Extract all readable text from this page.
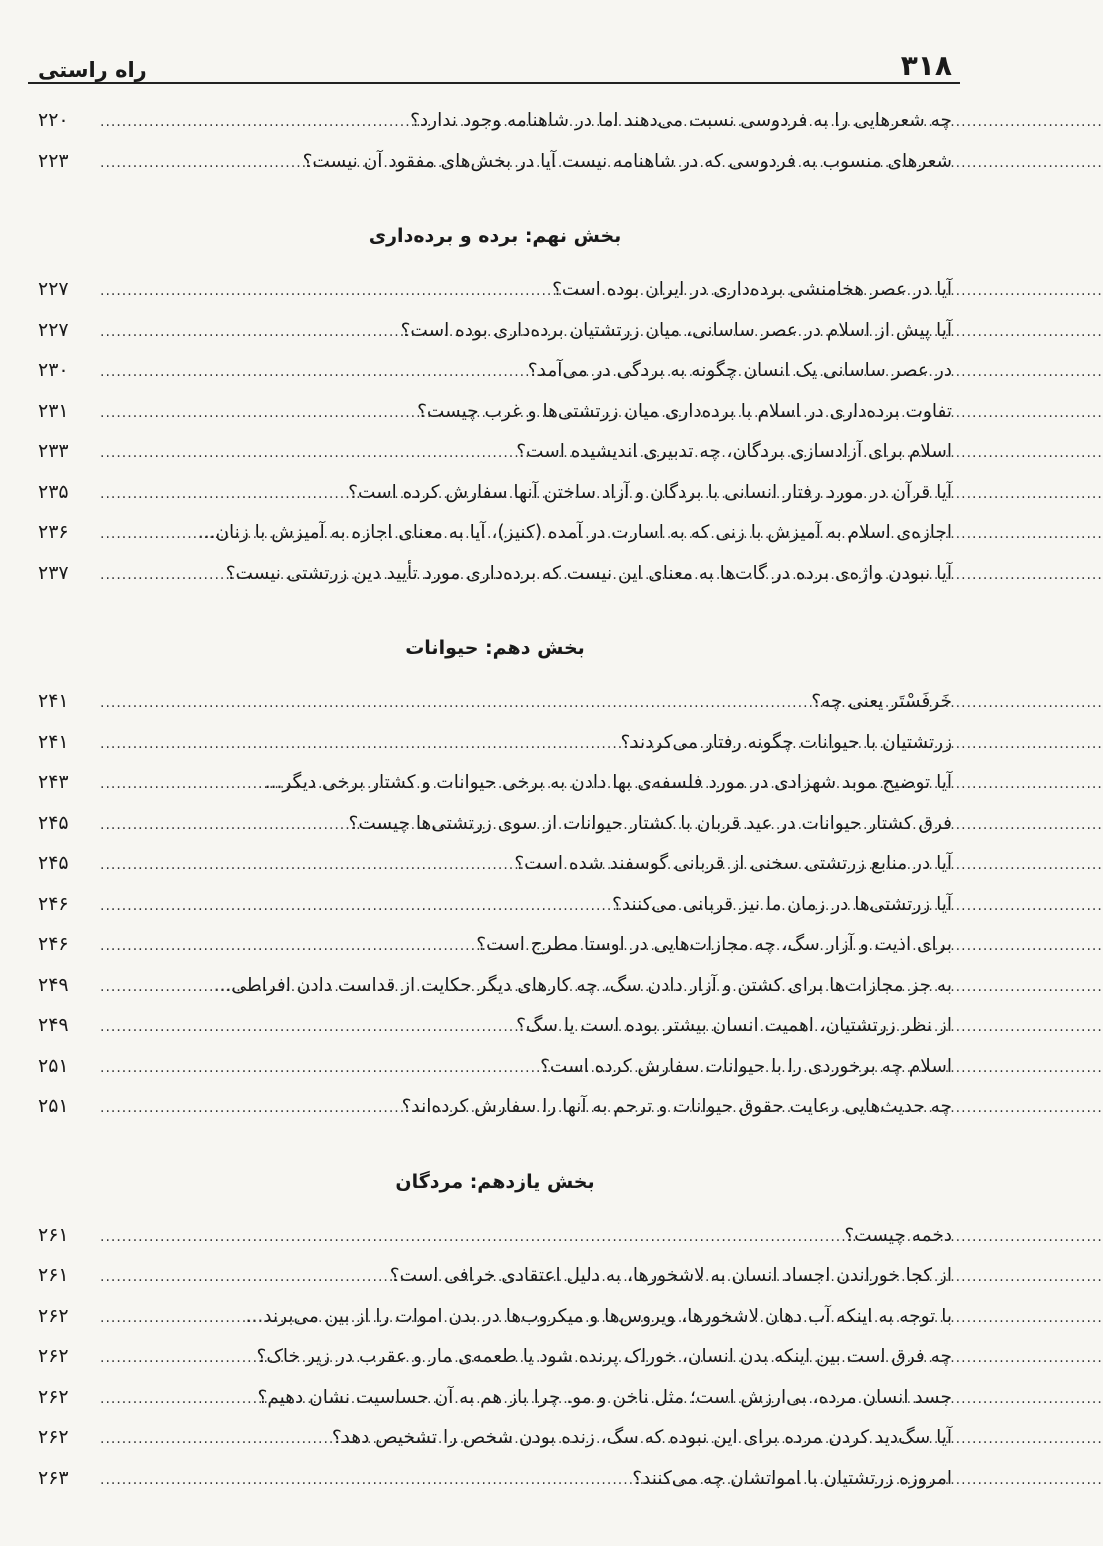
۳۱۸
راه راستی
چه شعرهایی را به فردوسی نسبت می‌دهند اما در شاهنامه وجود ندارد؟
.....
۲۲۰
شعرهای منسوب به فردوسی که در شاهنامه نیست آیا در بخش‌های مفقود آن نیست؟
.....
۲۲۳
بخش نهم: برده و برده‌داری
آیا در عصر هخامنشی برده‌داری در ایران بوده است؟
.....
۲۲۷
آیا پیش از اسلام در عصر ساسانی، میان زرتشتیان برده‌داری بوده است؟
.....
۲۲۷
در عصر ساسانی یک انسان چگونه به بردگی در می‌آمد؟
.....
۲۳۰
تفاوت برده‌داری در اسلام با برده‌داری میان زرتشتی‌ها و غرب چیست؟
.....
۲۳۱
اسلام برای آزادسازی بردگان، چه تدبیری اندیشیده است؟
.....
۲۳۳
آیا قرآن در مورد رفتار انسانی با بردگان و آزاد ساختن آنها سفارش کرده است؟
.....
۲۳۵
اجازه‌ی اسلام به آمیزش با زنی که به اسارت در آمده (کنیز)، آیا به معنای اجازه به آمیزش با زنان...
.....
۲۳۶
آیا نبودن واژه‌ی برده در گات‌ها به معنای این نیست که برده‌داری مورد تأیید دین زرتشتی نیست؟
.....
۲۳۷
بخش دهم: حیوانات
خَرفَسْتَر یعنی چه؟
.....
۲۴۱
زرتشتیان با حیوانات چگونه رفتار می‌کردند؟
.....
۲۴۱
آیا توضیح موبد شهزادی در مورد فلسفه‌ی بها دادن به برخی حیوانات و کشتار برخی دیگر...
.....
۲۴۳
فرق کشتار حیوانات در عید قربان با کشتار حیوانات از سوی زرتشتی‌ها چیست؟
.....
۲۴۵
آیا در منابع زرتشتی سخنی از قربانی گوسفند شده است؟
.....
۲۴۵
آیا زرتشتی‌ها در زمان ما نیز قربانی می‌کنند؟
.....
۲۴۶
برای اذیت و آزار سگ، چه مجازات‌هایی در اوستا مطرح است؟
.....
۲۴۶
به جز مجازات‌ها برای کشتن و آزار دادن سگ، چه کارهای دیگر حکایت از قداست دادن افراطی...
.....
۲۴۹
از نظر زرتشتیان، اهمیت انسان بیشتر بوده است یا سگ؟
.....
۲۴۹
اسلام چه برخوردی را با حیوانات سفارش کرده است؟
.....
۲۵۱
چه حدیث‌هایی رعایت حقوق حیوانات و ترحم به آنها را سفارش کرده‌اند؟
.....
۲۵۱
بخش یازدهم: مردگان
دخمه چیست؟
.....
۲۶۱
از کجا خوراندن اجساد انسان به لاشخورها، به دلیل اعتقادی خرافی است؟
.....
۲۶۱
با توجه به اینکه آب دهان لاشخورها، ویروس‌ها و میکروب‌ها در بدن اموات را از بین می‌برند...
.....
۲۶۲
چه فرق است بین اینکه بدن انسان، خوراک پرنده شود یا طعمه‌ی مار و عقرب در زیر خاک؟
.....
۲۶۲
جسد انسان مرده، بی‌ارزش است؛ مثل ناخن و مو. چرا باز هم به آن حساسیت نشان دهیم؟
.....
۲۶۲
آیا سگ‌دید کردن مرده برای این نبوده که سگ، زنده بودن شخص را تشخیص دهد؟
.....
۲۶۲
امروزه زرتشتیان با امواتشان چه می‌کنند؟
.....
۲۶۳
